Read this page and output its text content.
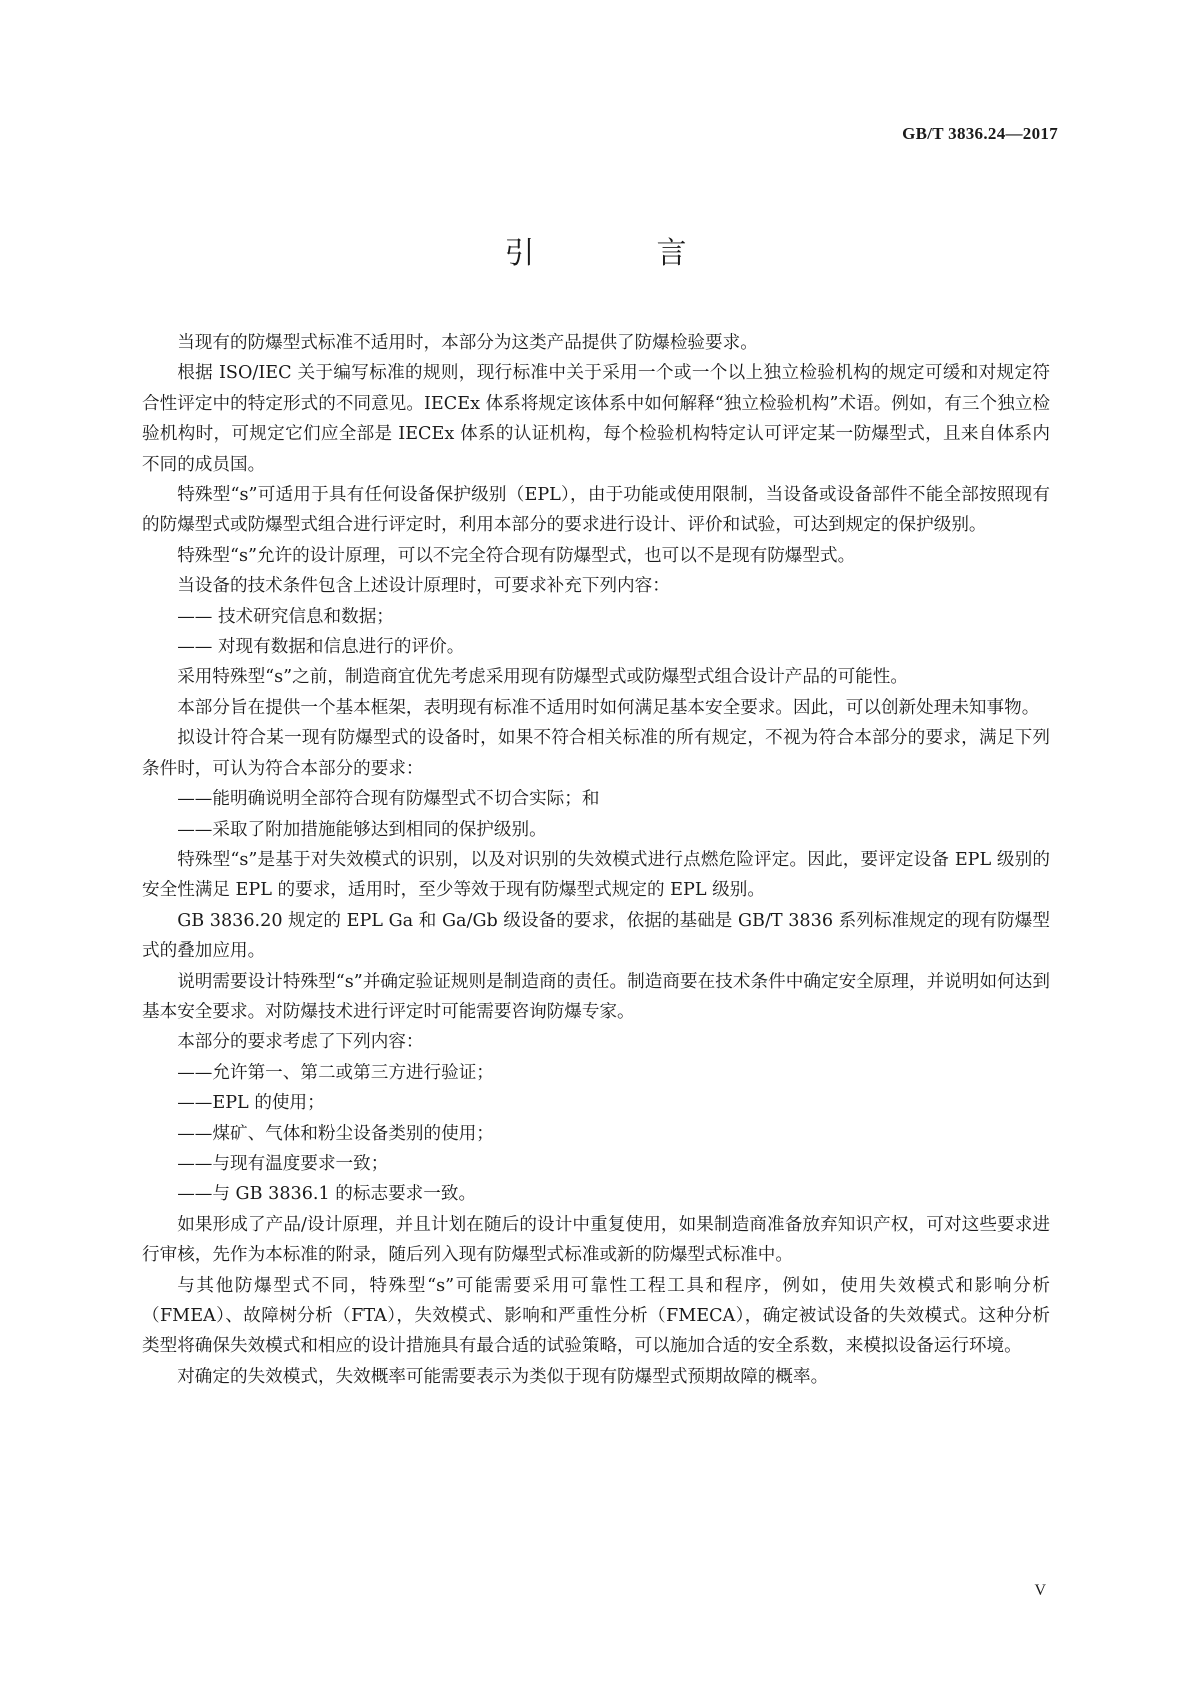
GB/T 3836.24—2017
引　言

当现有的防爆型式标准不适用时，本部分为这类产品提供了防爆检验要求。

根据 ISO/IEC 关于编写标准的规则，现行标准中关于采用一个或一个以上独立检验机构的规定可缓和对规定符合性评定中的特定形式的不同意见。IECEx 体系将规定该体系中如何解释“独立检验机构”术语。例如，有三个独立检验机构时，可规定它们应全部是 IECEx 体系的认证机构，每个检验机构特定认可评定某一防爆型式，且来自体系内不同的成员国。

特殊型“s”可适用于具有任何设备保护级别（EPL），由于功能或使用限制，当设备或设备部件不能全部按照现有的防爆型式或防爆型式组合进行评定时，利用本部分的要求进行设计、评价和试验，可达到规定的保护级别。

特殊型“s”允许的设计原理，可以不完全符合现有防爆型式，也可以不是现有防爆型式。

当设备的技术条件包含上述设计原理时，可要求补充下列内容：

—— 技术研究信息和数据；

—— 对现有数据和信息进行的评价。

采用特殊型“s”之前，制造商宜优先考虑采用现有防爆型式或防爆型式组合设计产品的可能性。

本部分旨在提供一个基本框架，表明现有标准不适用时如何满足基本安全要求。因此，可以创新处理未知事物。

拟设计符合某一现有防爆型式的设备时，如果不符合相关标准的所有规定，不视为符合本部分的要求，满足下列条件时，可认为符合本部分的要求：

——能明确说明全部符合现有防爆型式不切合实际；和

——采取了附加措施能够达到相同的保护级别。

特殊型“s”是基于对失效模式的识别，以及对识别的失效模式进行点燃危险评定。因此，要评定设备 EPL 级别的安全性满足 EPL 的要求，适用时，至少等效于现有防爆型式规定的 EPL 级别。

GB 3836.20 规定的 EPL Ga 和 Ga/Gb 级设备的要求，依据的基础是 GB/T 3836 系列标准规定的现有防爆型式的叠加应用。

说明需要设计特殊型“s”并确定验证规则是制造商的责任。制造商要在技术条件中确定安全原理，并说明如何达到基本安全要求。对防爆技术进行评定时可能需要咨询防爆专家。

本部分的要求考虑了下列内容：

——允许第一、第二或第三方进行验证；

——EPL 的使用；

——煤矿、气体和粉尘设备类别的使用；

——与现有温度要求一致；

——与 GB 3836.1 的标志要求一致。

如果形成了产品/设计原理，并且计划在随后的设计中重复使用，如果制造商准备放弃知识产权，可对这些要求进行审核，先作为本标准的附录，随后列入现有防爆型式标准或新的防爆型式标准中。

与其他防爆型式不同，特殊型“s”可能需要采用可靠性工程工具和程序，例如，使用失效模式和影响分析（FMEA）、故障树分析（FTA），失效模式、影响和严重性分析（FMECA），确定被试设备的失效模式。这种分析类型将确保失效模式和相应的设计措施具有最合适的试验策略，可以施加合适的安全系数，来模拟设备运行环境。

对确定的失效模式，失效概率可能需要表示为类似于现有防爆型式预期故障的概率。

V
